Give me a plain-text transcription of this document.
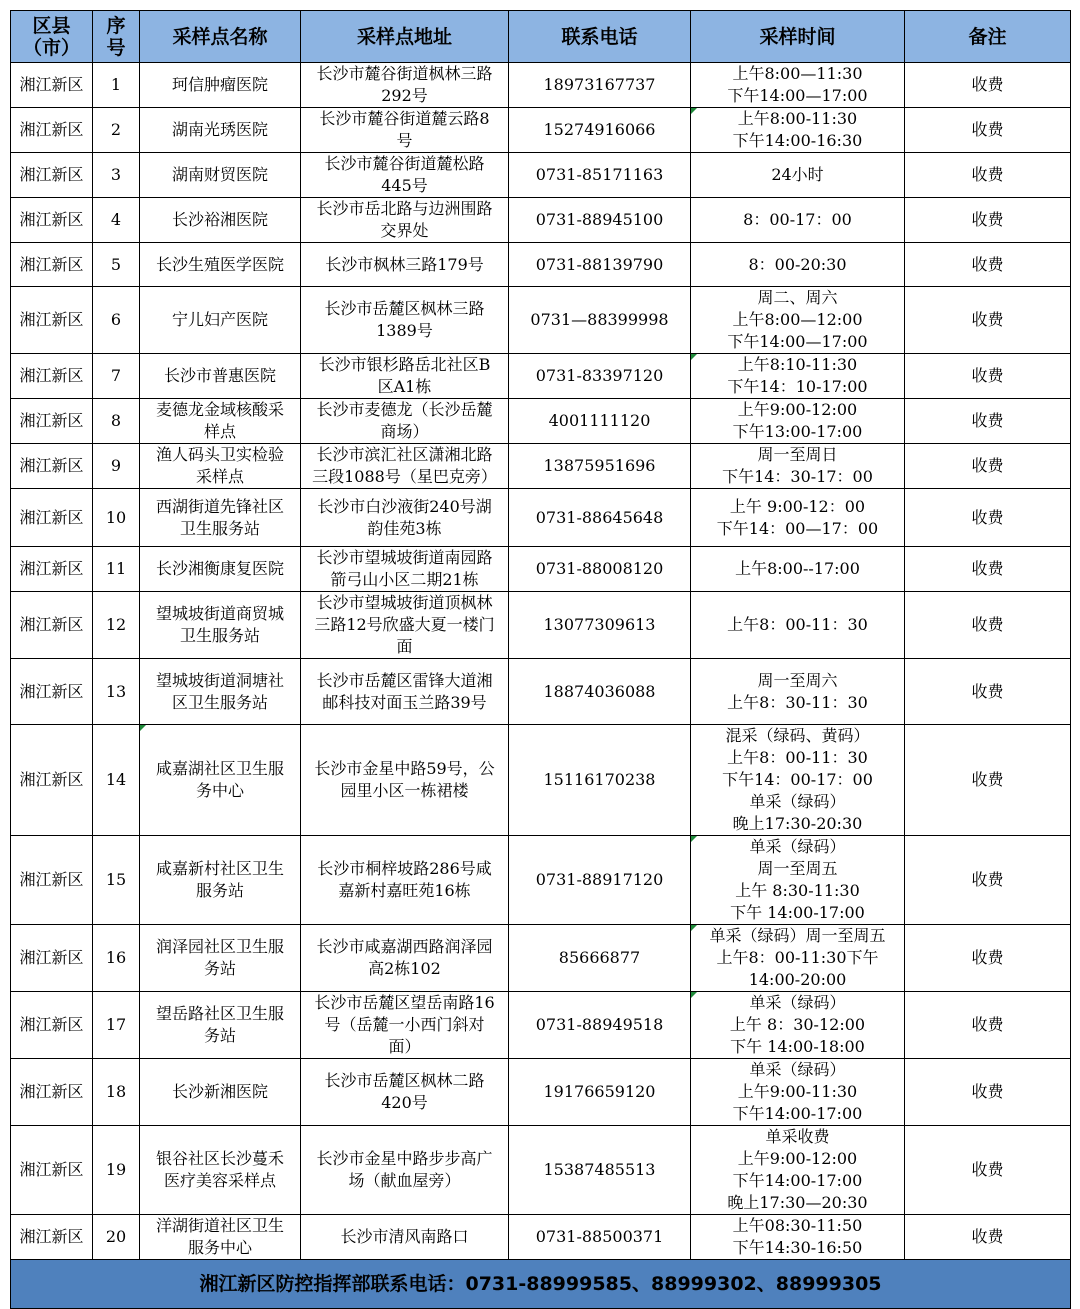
区县
（市）	序
号	采样点名称	采样点地址	联系电话	采样时间	备注
湘江新区	1	珂信肿瘤医院	长沙市麓谷街道枫林三路
292号	18973167737	上午8:00—11:30
下午14:00—17:00	收费
湘江新区	2	湖南光琇医院	长沙市麓谷街道麓云路8
号	15274916066	上午8:00-11:30
下午14:00-16:30	收费
湘江新区	3	湖南财贸医院	长沙市麓谷街道麓松路
445号	0731-85171163	24小时	收费
湘江新区	4	长沙裕湘医院	长沙市岳北路与边洲围路
交界处	0731-88945100	8：00-17：00	收费
湘江新区	5	长沙生殖医学医院	长沙市枫林三路179号	0731-88139790	8：00-20:30	收费
湘江新区	6	宁儿妇产医院	长沙市岳麓区枫林三路
1389号	0731—88399998	周二、周六
上午8:00—12:00
下午14:00—17:00	收费
湘江新区	7	长沙市普惠医院	长沙市银杉路岳北社区B
区A1栋	0731-83397120	上午8:10-11:30
下午14：10-17:00	收费
湘江新区	8	麦德龙金域核酸采
样点	长沙市麦德龙（长沙岳麓
商场）	4001111120	上午9:00-12:00
下午13:00-17:00	收费
湘江新区	9	渔人码头卫实检验
采样点	长沙市滨汇社区潇湘北路
三段1088号（星巴克旁）	13875951696	周一至周日
下午14：30-17：00	收费
湘江新区	10	西湖街道先锋社区
卫生服务站	长沙市白沙液街240号湖
韵佳苑3栋	0731-88645648	上午 9:00-12：00
下午14：00—17：00	收费
湘江新区	11	长沙湘衡康复医院	长沙市望城坡街道南园路
箭弓山小区二期21栋	0731-88008120	上午8:00--17:00	收费
湘江新区	12	望城坡街道商贸城
卫生服务站	长沙市望城坡街道顶枫林
三路12号欣盛大夏一楼门
面	13077309613	上午8：00-11：30	收费
湘江新区	13	望城坡街道洞塘社
区卫生服务站	长沙市岳麓区雷锋大道湘
邮科技对面玉兰路39号	18874036088	周一至周六
上午8：30-11：30	收费
湘江新区	14	咸嘉湖社区卫生服
务中心	长沙市金星中路59号，公
园里小区一栋裙楼	15116170238	混采（绿码、黄码）
上午8：00-11：30
下午14：00-17：00
单采（绿码）
晚上17:30-20:30	收费
湘江新区	15	咸嘉新村社区卫生
服务站	长沙市桐梓坡路286号咸
嘉新村嘉旺苑16栋	0731-88917120	单采（绿码）
周一至周五
上午 8:30-11:30
下午 14:00-17:00	收费
湘江新区	16	润泽园社区卫生服
务站	长沙市咸嘉湖西路润泽园
高2栋102	85666877	单采（绿码）周一至周五
上午8：00-11:30下午
14:00-20:00	收费
湘江新区	17	望岳路社区卫生服
务站	长沙市岳麓区望岳南路16
号（岳麓一小西门斜对
面）	0731-88949518	单采（绿码）
上午 8：30-12:00
下午 14:00-18:00	收费
湘江新区	18	长沙新湘医院	长沙市岳麓区枫林二路
420号	19176659120	单采（绿码）
上午9:00-11:30
下午14:00-17:00	收费
湘江新区	19	银谷社区长沙蔓禾
医疗美容采样点	长沙市金星中路步步高广
场（献血屋旁）	15387485513	单采收费
上午9:00-12:00
下午14:00-17:00
晚上17:30—20:30	收费
湘江新区	20	洋湖街道社区卫生
服务中心	长沙市清风南路口	0731-88500371	上午08:30-11:50
下午14:30-16:50	收费
湘江新区防控指挥部联系电话：0731-88999585、88999302、88999305						
